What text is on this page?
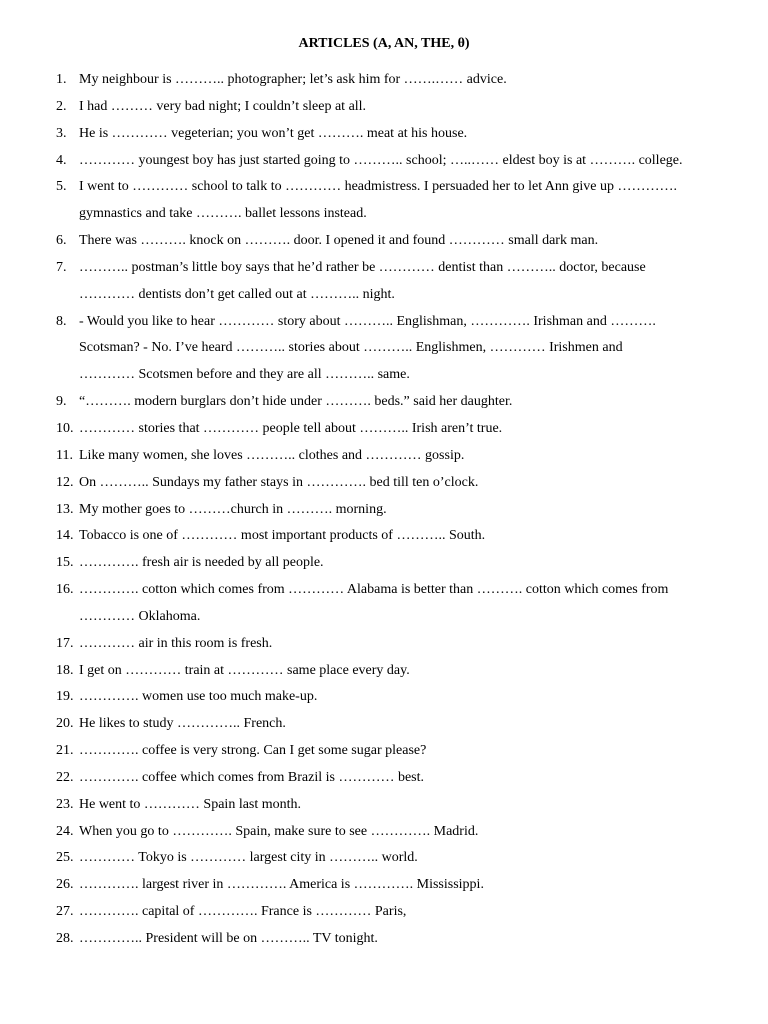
ARTICLES (A, AN, THE, θ)
1. My neighbour is ……….. photographer; let’s ask him for …….…… advice.
2. I had ……… very bad night; I couldn’t sleep at all.
3. He is ………… vegeterian; you won’t get ………. meat at his house.
4. ………… youngest boy has just started going to ……….. school; …..…… eldest boy is at ………. college.
5. I went to ………… school to talk to ………… headmistress. I persuaded her to let Ann give up ………….
gymnastics and take ………. ballet lessons instead.
6. There was ………. knock on ………. door. I opened it and found ………… small dark man.
7. ……….. postman’s little boy says that he’d rather be ………… dentist than ……….. doctor, because
………… dentists don’t get called out at ……….. night.
8. - Would you like to hear ………… story about ……….. Englishman, …………. Irishman and ……….
Scotsman? - No. I’ve heard ……….. stories about ……….. Englishmen, ………… Irishmen and
………… Scotsmen before and they are all ……….. same.
9. “………. modern burglars don’t hide under ………. beds.” said her daughter.
10. ………… stories that ………… people tell about ……….. Irish aren’t true.
11. Like many women, she loves ……….. clothes and ………… gossip.
12. On ……….. Sundays my father stays in …………. bed till ten o’clock.
13. My mother goes to ………church in ………. morning.
14. Tobacco is one of ………… most important products of ……….. South.
15. …………. fresh air is needed by all people.
16. …………. cotton which comes from ………… Alabama is better than ………. cotton which comes from
………… Oklahoma.
17. ………… air in this room is fresh.
18. I get on ………… train at ………… same place every day.
19. …………. women use too much make-up.
20. He likes to study ………….. French.
21. …………. coffee is very strong. Can I get some sugar please?
22. …………. coffee which comes from Brazil is ………… best.
23. He went to ………… Spain last month.
24. When you go to …………. Spain, make sure to see …………. Madrid.
25. ………… Tokyo is ………… largest city in ……….. world.
26. …………. largest river in …………. America is …………. Mississippi.
27. …………. capital of …………. France is ………… Paris,
28. ………….. President will be on ……….. TV tonight.
